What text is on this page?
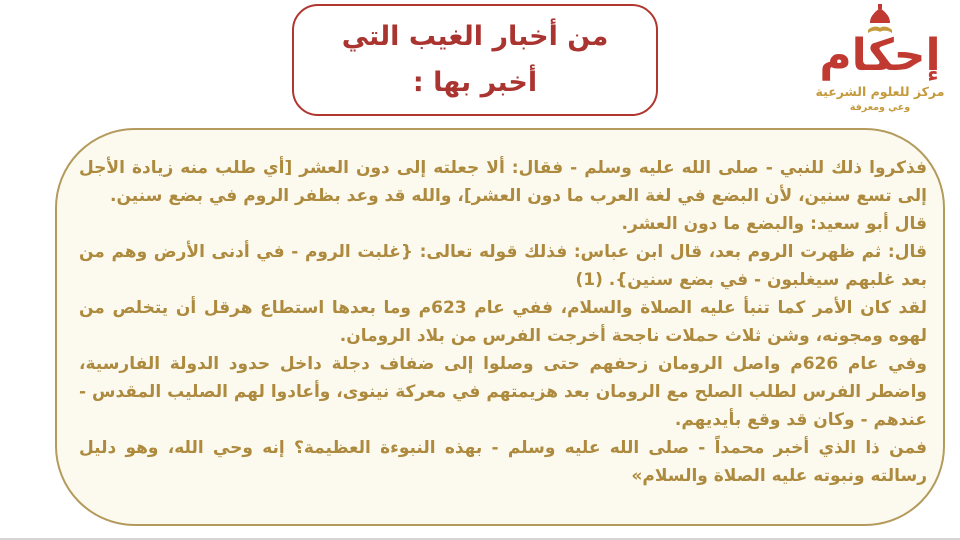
من أخبار الغيب التي
أخبر بها :
إحكام
مركز للعلوم الشرعية
وعي ومعرفة

فذكروا ذلك للنبي - صلى الله عليه وسلم - فقال: ألا جعلته إلى دون العشر [أي طلب منه زيادة الأجل إلى تسع سنين، لأن البضع في لغة العرب ما دون العشر]، والله قد وعد بظفر الروم في بضع سنين.

قال أبو سعيد: والبضع ما دون العشر.

قال: ثم ظهرت الروم بعد، قال ابن عباس: فذلك قوله تعالى: {غلبت الروم - في أدنى الأرض وهم من بعد غلبهم سيغلبون - في بضع سنين}. (1)

لقد كان الأمر كما تنبأ عليه الصلاة والسلام، ففي عام 623م وما بعدها استطاع هرقل أن يتخلص من لهوه ومجونه، وشن ثلاث حملات ناجحة أخرجت الفرس من بلاد الرومان.

وفي عام 626م واصل الرومان زحفهم حتى وصلوا إلى ضفاف دجلة داخل حدود الدولة الفارسية، واضطر الفرس لطلب الصلح مع الرومان بعد هزيمتهم في معركة نينوى، وأعادوا لهم الصليب المقدس - عندهم - وكان قد وقع بأيديهم.

فمن ذا الذي أخبر محمداً - صلى الله عليه وسلم - بهذه النبوءة العظيمة؟ إنه وحي الله، وهو دليل رسالته ونبوته عليه الصلاة والسلام»
